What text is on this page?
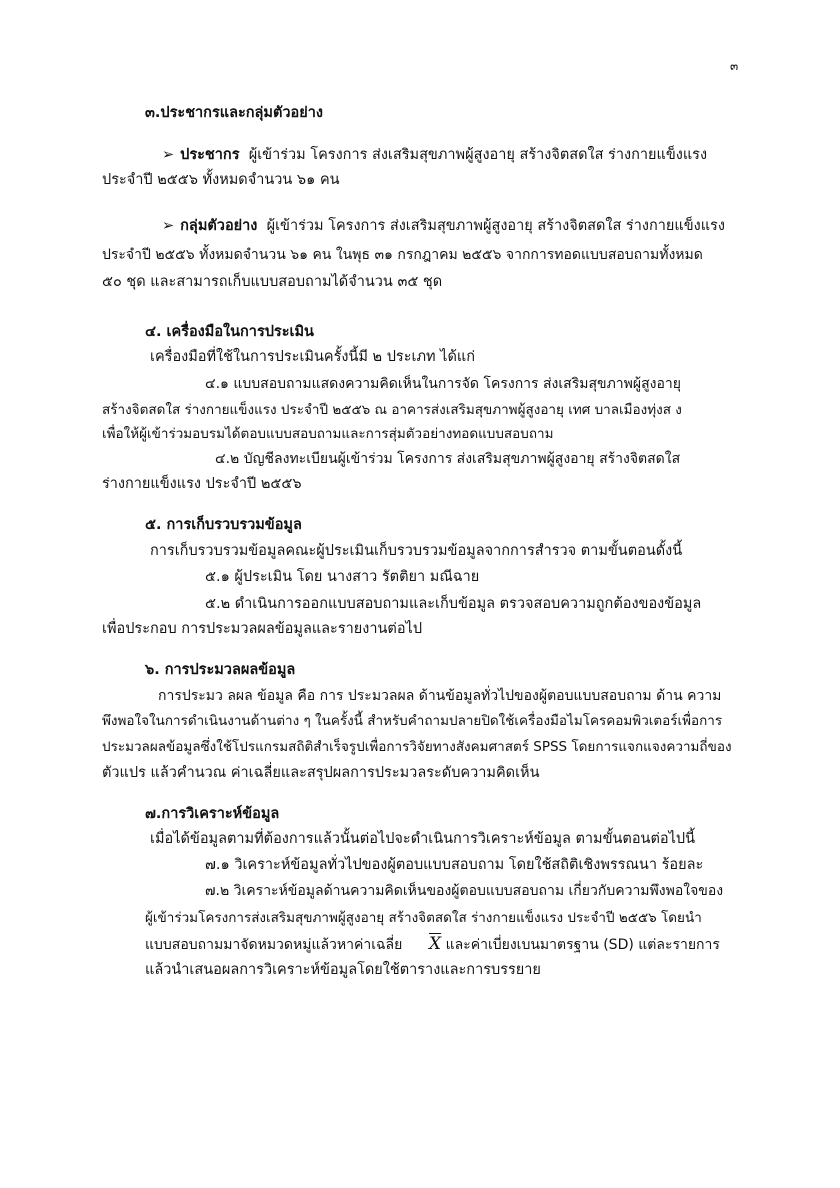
๓
๓.ประชากรและกลุ่มตัวอย่าง
➢ ประชากร ผู้เข้าร่วม โครงการ ส่งเสริมสุขภาพผู้สูงอายุ สร้างจิตสดใส ร่างกายแข็งแรง
ประจำปี ๒๕๕๖ ทั้งหมดจำนวน ๖๑ คน
➢ กลุ่มตัวอย่าง ผู้เข้าร่วม โครงการ ส่งเสริมสุขภาพผู้สูงอายุ สร้างจิตสดใส ร่างกายแข็งแรง
ประจำปี ๒๕๕๖ ทั้งหมดจำนวน ๖๑ คน ในพุธ ๓๑ กรกฎาคม ๒๕๕๖ จากการทอดแบบสอบถามทั้งหมด
๕๐ ชุด และสามารถเก็บแบบสอบถามได้จำนวน ๓๕ ชุด
๔. เครื่องมือในการประเมิน
เครื่องมือที่ใช้ในการประเมินครั้งนี้มี ๒ ประเภท ได้แก่
๔.๑ แบบสอบถามแสดงความคิดเห็นในการจัด โครงการ ส่งเสริมสุขภาพผู้สูงอายุ
สร้างจิตสดใส ร่างกายแข็งแรง ประจำปี ๒๕๕๖ ณ อาคารส่งเสริมสุขภาพผู้สูงอายุ เทศ บาลเมืองทุ่งส ง
เพื่อให้ผู้เข้าร่วมอบรมได้ตอบแบบสอบถามและการสุ่มตัวอย่างทอดแบบสอบถาม
๔.๒ บัญชีลงทะเบียนผู้เข้าร่วม โครงการ ส่งเสริมสุขภาพผู้สูงอายุ สร้างจิตสดใส
ร่างกายแข็งแรง ประจำปี ๒๕๕๖
๕. การเก็บรวบรวมข้อมูล
การเก็บรวบรวมข้อมูลคณะผู้ประเมินเก็บรวบรวมข้อมูลจากการสำรวจ ตามขั้นตอนดั้งนี้
๕.๑ ผู้ประเมิน โดย นางสาว รัตติยา มณีฉาย
๕.๒ ดำเนินการออกแบบสอบถามและเก็บข้อมูล ตรวจสอบความถูกต้องของข้อมูล
เพื่อประกอบ การประมวลผลข้อมูลและรายงานต่อไป
๖. การประมวลผลข้อมูล
การประมว ลผล ข้อมูล คือ การ ประมวลผล ด้านข้อมูลทั่วไปของผู้ตอบแบบสอบถาม ด้าน ความ
พึงพอใจในการดำเนินงานด้านต่าง ๆ ในครั้งนี้ สำหรับคำถามปลายปิดใช้เครื่องมือไมโครคอมพิวเตอร์เพื่อการ
ประมวลผลข้อมูลซึ่งใช้โปรแกรมสถิติสำเร็จรูปเพื่อการวิจัยทางสังคมศาสตร์ SPSS โดยการแจกแจงความถี่ของ
ตัวแปร แล้วคำนวณ ค่าเฉลี่ยและสรุปผลการประมวลระดับความคิดเห็น
๗.การวิเคราะห์ข้อมูล
เมื่อได้ข้อมูลตามที่ต้องการแล้วนั้นต่อไปจะดำเนินการวิเคราะห์ข้อมูล ตามขั้นตอนต่อไปนี้
๗.๑ วิเคราะห์ข้อมูลทั่วไปของผู้ตอบแบบสอบถาม โดยใช้สถิติเชิงพรรณนา ร้อยละ
๗.๒ วิเคราะห์ข้อมูลด้านความคิดเห็นของผู้ตอบแบบสอบถาม เกี่ยวกับความพึงพอใจของ
ผู้เข้าร่วมโครงการส่งเสริมสุขภาพผู้สูงอายุ สร้างจิตสดใส ร่างกายแข็งแรง ประจำปี ๒๕๕๖ โดยนำ
แบบสอบถามมาจัดหมวดหมู่แล้วหาค่าเฉลี่ย $\overline{X}$ และค่าเบี่ยงเบนมาตรฐาน (SD) แต่ละรายการ
แล้วนำเสนอผลการวิเคราะห์ข้อมูลโดยใช้ตารางและการบรรยาย
